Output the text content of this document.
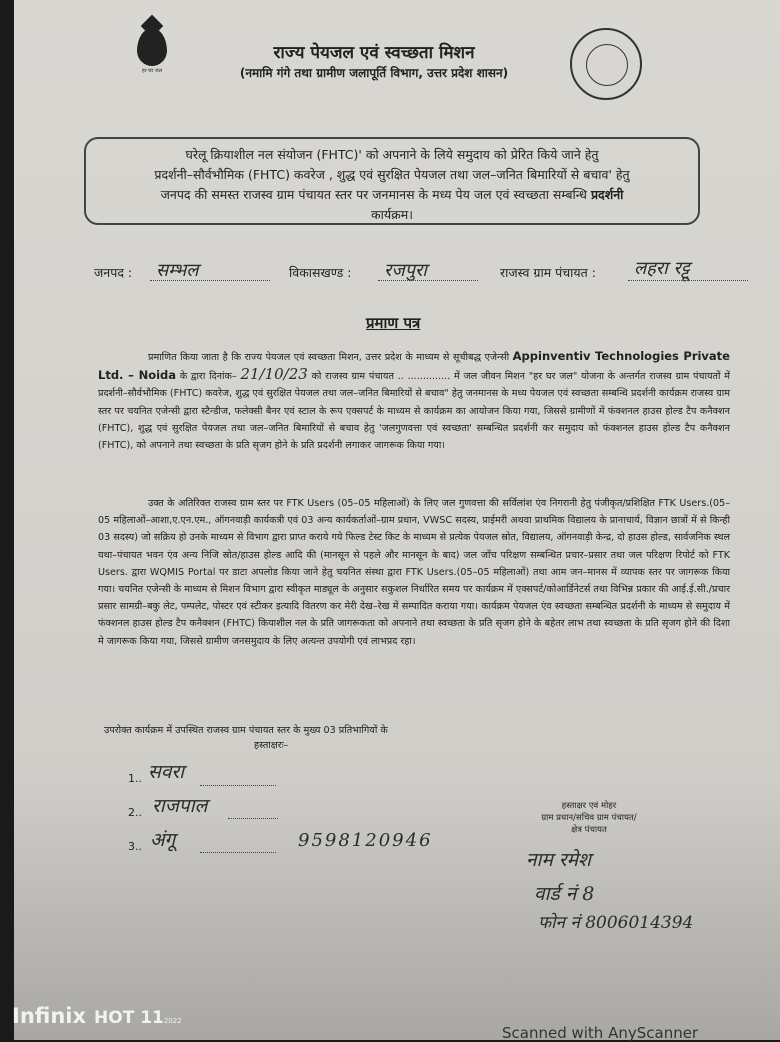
हर घर जल
राज्य पेयजल एवं स्वच्छता मिशन
(नमामि गंगे तथा ग्रामीण जलापूर्ति विभाग, उत्तर प्रदेश शासन)
घरेलू क्रियाशील नल संयोजन (FHTC)' को अपनाने के लिये समुदाय को प्रेरित किये जाने हेतु
प्रदर्शनी–सौर्वभौमिक (FHTC) कवरेज , शुद्ध एवं सुरक्षित पेयजल तथा जल–जनित बिमारियों से बचाव' हेतु
जनपद की समस्त राजस्व ग्राम पंचायत स्तर पर जनमानस के मध्य पेय जल एवं स्वच्छता सम्बन्धि प्रदर्शनी
कार्यक्रम।
जनपद : सम्भल	विकासखण्ड : रजपुरा	राजस्व ग्राम पंचायत : लहरा रट्टू
प्रमाण पत्र
प्रमाणित किया जाता है कि राज्य पेयजल एवं स्वच्छता मिशन, उत्तर प्रदेश के माध्यम से सूचीबद्ध एजेन्सी Appinventiv Technologies Private Ltd. – Noida के द्वारा दिनांक– 21/10/23 को राजस्व ग्राम पंचायत .. .............. में जल जीवन मिशन "हर घर जल" योजना के अन्तर्गत राजस्व ग्राम पंचायतों में प्रदर्शनी–सौर्वभौमिक (FHTC) कवरेज, शुद्ध एवं सुरक्षित पेयजल तथा जल–जनित बिमारियों से बचाव" हेतु जनमानस के मध्य पेयजल एवं स्वच्छता सम्बन्धि प्रदर्शनी कार्यक्रम राजस्व ग्राम स्तर पर चयनित एजेन्सी द्वारा स्टैन्डीज, फलेक्सी बैनर एवं स्टाल के रूप एक्सपर्ट के माध्यम से कार्यक्रम का आयोजन किया गया, जिससे ग्रामीणों में फंक्शनल हाउस होल्ड टैप कनैक्शन (FHTC), शुद्ध एवं सुरक्षित पेयजल तथा जल–जनित बिमारियों से बचाव हेतु 'जलगुणवत्ता एवं स्वच्छता' सम्बन्धित प्रदर्शनी कर समुदाय को फंक्शनल हाउस होल्ड टैप कनैक्शन (FHTC), को अपनाने तथा स्वच्छता के प्रति सृजग होने के प्रति प्रदर्शनी लगाकर जागरूक किया गया।
उक्त के अतिरिक्त राजस्व ग्राम स्तर पर FTK Users (05–05 महिलाओं) के लिए जल गुणवत्ता की सर्विलांश एंव निगरानी हेतु पंजीकृत/प्रशिक्षित FTK Users.(05–05 महिलाओं–आशा,ए.एन.एम., ऑगनवाड़ी कार्यकत्री एवं 03 अन्य कार्यकर्ताओं–ग्राम प्रधान, VWSC सदस्य, प्राईमरी अथवा प्राथमिक विद्यालय के प्रानाचार्य, विज्ञान छात्रों में से किन्ही 03 सदस्य) जो सक्रिय हो उनके माध्यम से विभाग द्वारा प्राप्त कराये गये फिल्ड टेस्ट किट के माध्यम से प्रत्येक पेयजल स्रोत, विद्यालय, ऑगनवाड़ी केन्द्र, दो हाउस होल्ड, सार्वजनिक स्थल यथा–पंचायत भवन एंव अन्य निजि स्रोत/हाउस होल्ड आदि की (मानसून से पहले और मानसून के बाद) जल जाँच परिक्षण सम्बन्धित प्रचार–प्रसार तथा जल परिक्षण रिपोर्ट को FTK Users. द्वारा WQMIS Portal पर डाटा अपलोड किया जाने हेतु चयनित संस्था द्वारा FTK Users.(05–05 महिलाओं) तथा आम जन–मानस में व्यापक स्तर पर जागरूक किया गया। चयनित एजेन्सी के माध्यम से मिशन विभाग द्वारा स्वीकृत माड्यूल के अनुसार सकुशल निर्धारित समय पर कार्यक्रम में एक्सपर्ट/कोआर्डिनेटर्स तथा विभिन्न प्रकार की आई.ई.सी./प्रचार प्रसार सामग्री–बकु लेट, पम्पलेट, पोस्टर एवं स्टीकर इत्यादि वितरण कर मेरी देख–रेख में सम्पादित कराया गया। कार्यक्रम पेयजल एंव स्वच्छता सम्बन्धित प्रदर्शनी के माध्यम से समुदाय में फंक्शनल हाउस होल्ड टैप कनैक्शन (FHTC) कियाशील नल के प्रति जागरूकता को अपनाने तथा स्वच्छता के प्रति सृजग होने के बहेतर लाभ तथा स्वच्छता के प्रति सृजग होने की दिशा मे जागरूक किया गया, जिससे ग्रामीण जनसमुदाय के लिए अत्यन्त उपयोगी एवं लाभप्रद रहा।
उपरोक्त कार्यक्रम में उपस्थित राजस्व ग्राम पंचायत स्तर के मुख्य 03 प्रतिभागियों के
हस्ताक्षरः–
1.. सवरा
2.. राजपाल
3.. अंगू	9598120946
हस्ताक्षर एवं मोहर
ग्राम प्रधान/सचिव ग्राम पंचायत/
क्षेत्र पंचायत
नाम रमेश
वार्ड नं 8
फोन नं 8006014394
Scanned with AnyScanner
Infinix HOT 112022
